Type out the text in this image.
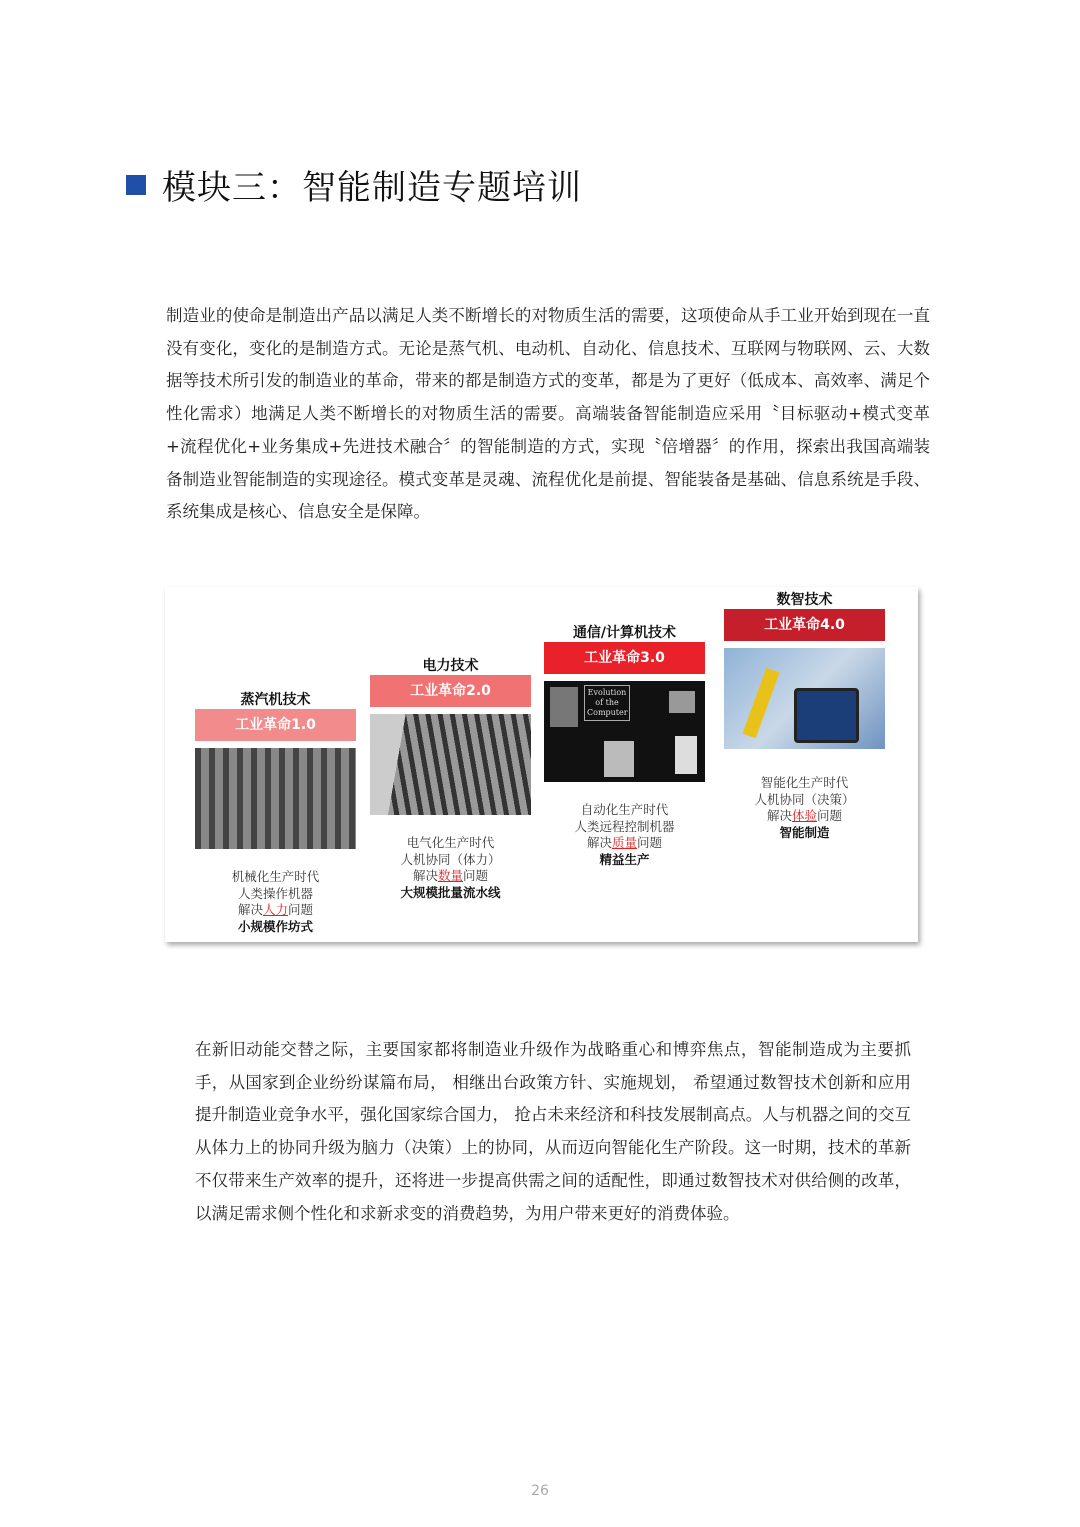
模块三：智能制造专题培训

制造业的使命是制造出产品以满足人类不断增长的对物质生活的需要，这项使命从手工业开始到现在一直没有变化，变化的是制造方式。无论是蒸气机、电动机、自动化、信息技术、互联网与物联网、云、大数据等技术所引发的制造业的革命，带来的都是制造方式的变革，都是为了更好（低成本、高效率、满足个性化需求）地满足人类不断增长的对物质生活的需要。高端装备智能制造应采用〝目标驱动+模式变革+流程优化+业务集成+先进技术融合〞的智能制造的方式，实现〝倍增器〞的作用，探索出我国高端装备制造业智能制造的实现途径。模式变革是灵魂、流程优化是前提、智能装备是基础、信息系统是手段、系统集成是核心、信息安全是保障。

蒸汽机技术
工业革命1.0
机械化生产时代
人类操作机器
解决人力问题
小规模作坊式
电力技术
工业革命2.0
电气化生产时代
人机协同（体力）
解决数量问题
大规模批量流水线
通信/计算机技术
工业革命3.0
Evolution of the Computer
自动化生产时代
人类远程控制机器
解决质量问题
精益生产
数智技术
工业革命4.0
智能化生产时代
人机协同（决策）
解决体验问题
智能制造

在新旧动能交替之际，主要国家都将制造业升级作为战略重心和博弈焦点，智能制造成为主要抓手，从国家到企业纷纷谋篇布局， 相继出台政策方针、实施规划， 希望通过数智技术创新和应用提升制造业竞争水平，强化国家综合国力， 抢占未来经济和科技发展制高点。人与机器之间的交互从体力上的协同升级为脑力（决策）上的协同，从而迈向智能化生产阶段。这一时期，技术的革新不仅带来生产效率的提升，还将进一步提高供需之间的适配性，即通过数智技术对供给侧的改革，以满足需求侧个性化和求新求变的消费趋势，为用户带来更好的消费体验。

26
